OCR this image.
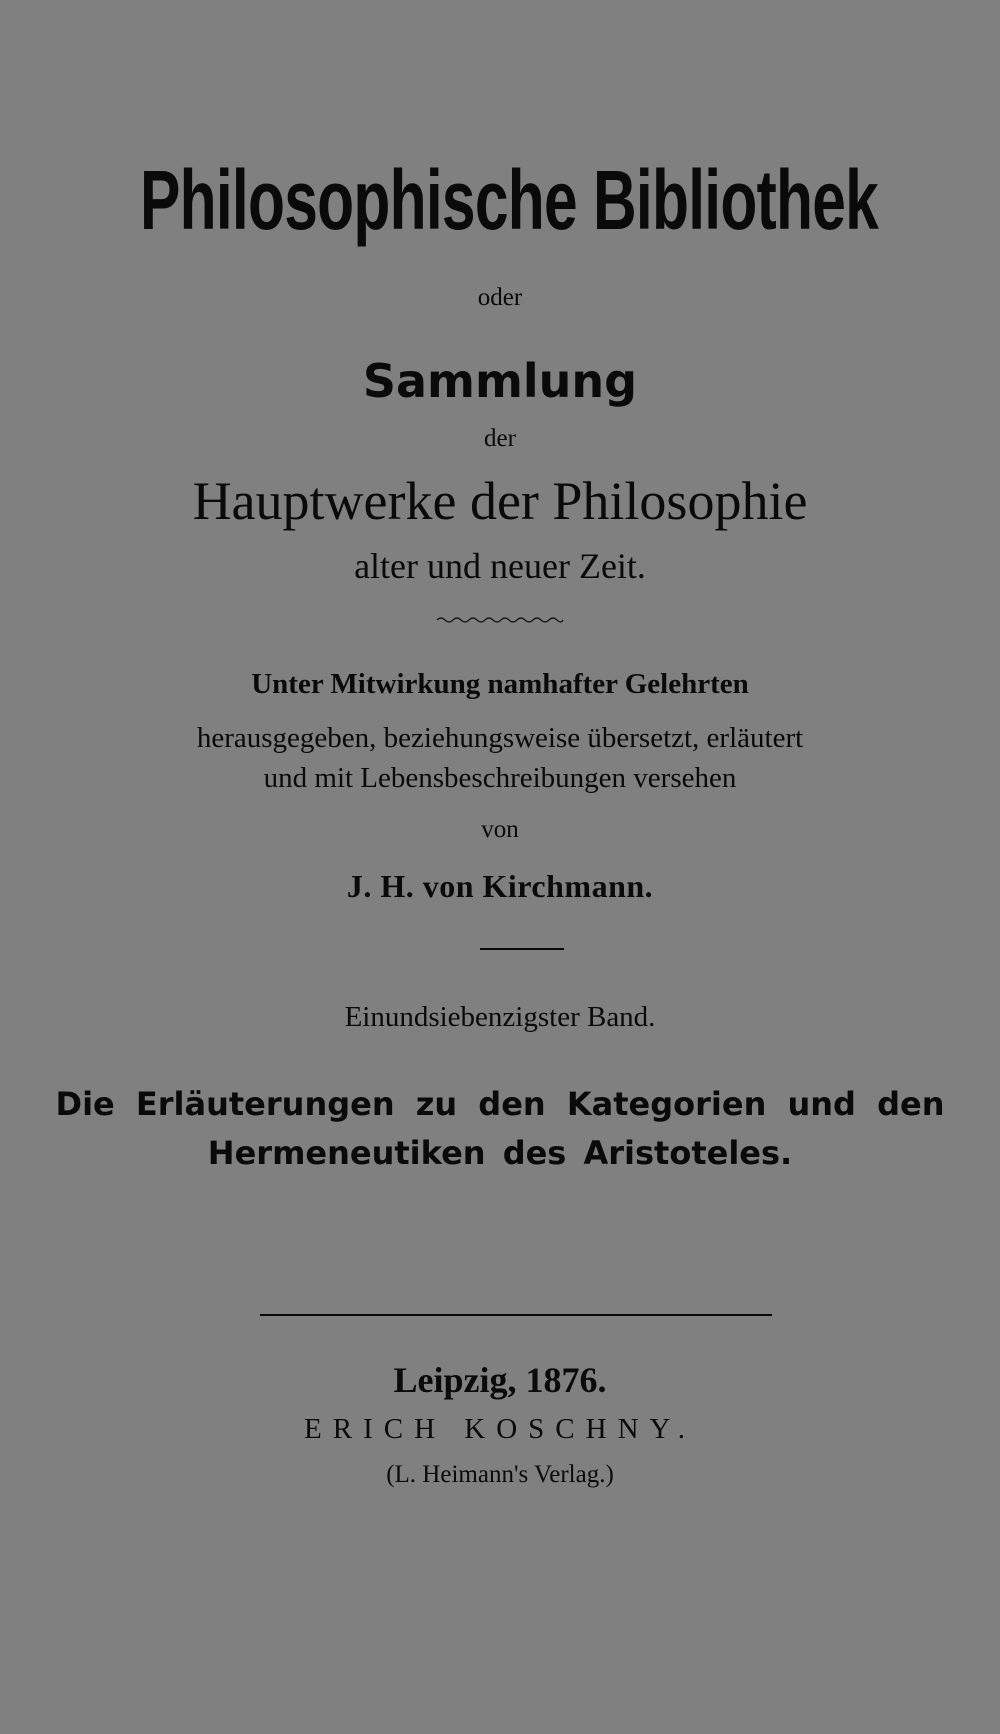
Philosophische Bibliothek
oder
Sammlung
der
Hauptwerke der Philosophie
alter und neuer Zeit.
Unter Mitwirkung namhafter Gelehrten
herausgegeben, beziehungsweise übersetzt, erläutert
und mit Lebensbeschreibungen versehen
von
J. H. von Kirchmann.
Einundsiebenzigster Band.
Die Erläuterungen zu den Kategorien und den
Hermeneutiken des Aristoteles.
Leipzig, 1876.
ERICH KOSCHNY.
(L. Heimann's Verlag.)
